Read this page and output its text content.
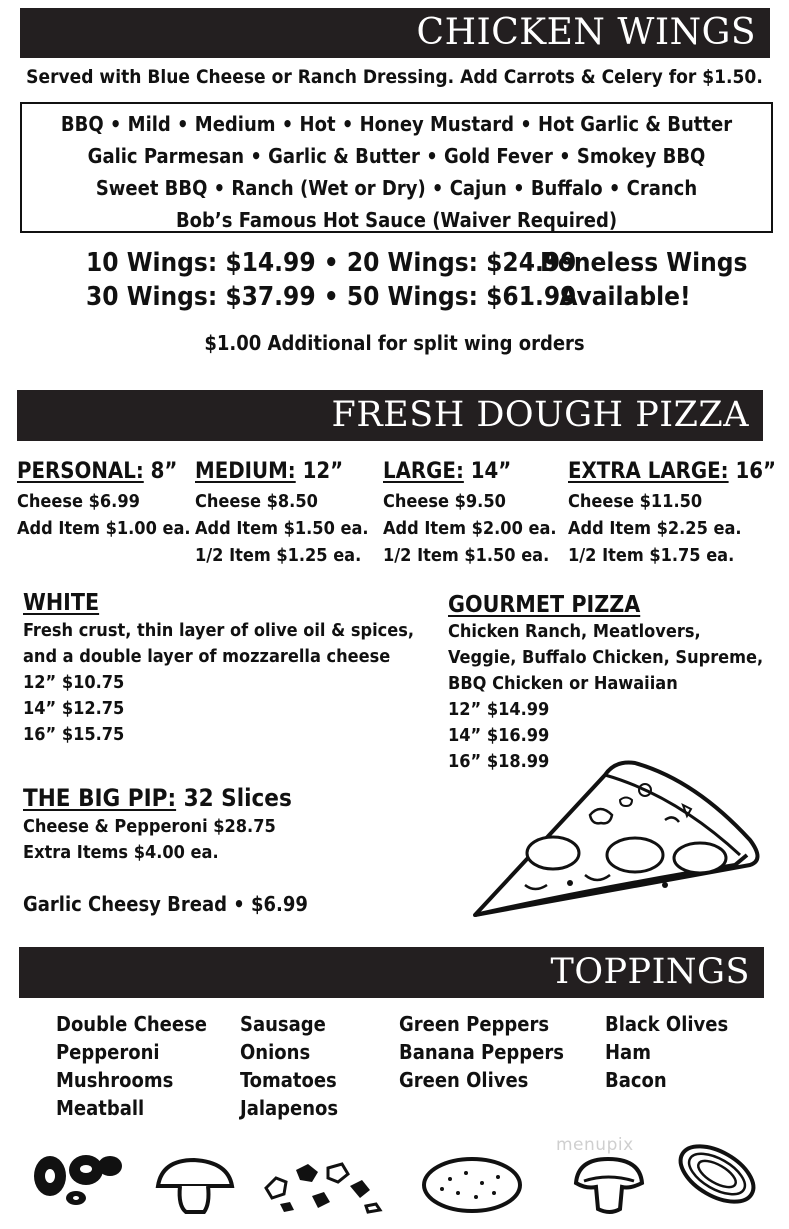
CHICKEN WINGS
Served with Blue Cheese or Ranch Dressing. Add Carrots & Celery for $1.50.
BBQ • Mild • Medium • Hot • Honey Mustard • Hot Garlic & Butter
Galic Parmesan • Garlic & Butter • Gold Fever • Smokey BBQ
Sweet BBQ • Ranch (Wet or Dry) • Cajun • Buffalo • Cranch
Bob’s Famous Hot Sauce (Waiver Required)
10 Wings: $14.99 • 20 Wings: $24.99
30 Wings: $37.99 • 50 Wings: $61.99
Boneless Wings
Available!
$1.00 Additional for split wing orders
FRESH DOUGH PIZZA
PERSONAL: 8”
Cheese $6.99
Add Item $1.00 ea.
MEDIUM: 12”
Cheese $8.50
Add Item $1.50 ea.
1/2 Item $1.25 ea.
LARGE: 14”
Cheese $9.50
Add Item $2.00 ea.
1/2 Item $1.50 ea.
EXTRA LARGE: 16”
Cheese $11.50
Add Item $2.25 ea.
1/2 Item $1.75 ea.
WHITE
Fresh crust, thin layer of olive oil & spices,
and a double layer of mozzarella cheese
12” $10.75
14” $12.75
16” $15.75
GOURMET PIZZA
Chicken Ranch, Meatlovers,
Veggie, Buffalo Chicken, Supreme,
BBQ Chicken or Hawaiian
12” $14.99
14” $16.99
16” $18.99
THE BIG PIP: 32 Slices
Cheese & Pepperoni $28.75
Extra Items $4.00 ea.
Garlic Cheesy Bread • $6.99
TOPPINGS
Double Cheese
Pepperoni
Mushrooms
Meatball
Sausage
Onions
Tomatoes
Jalapenos
Green Peppers
Banana Peppers
Green Olives
Black Olives
Ham
Bacon
menupix
